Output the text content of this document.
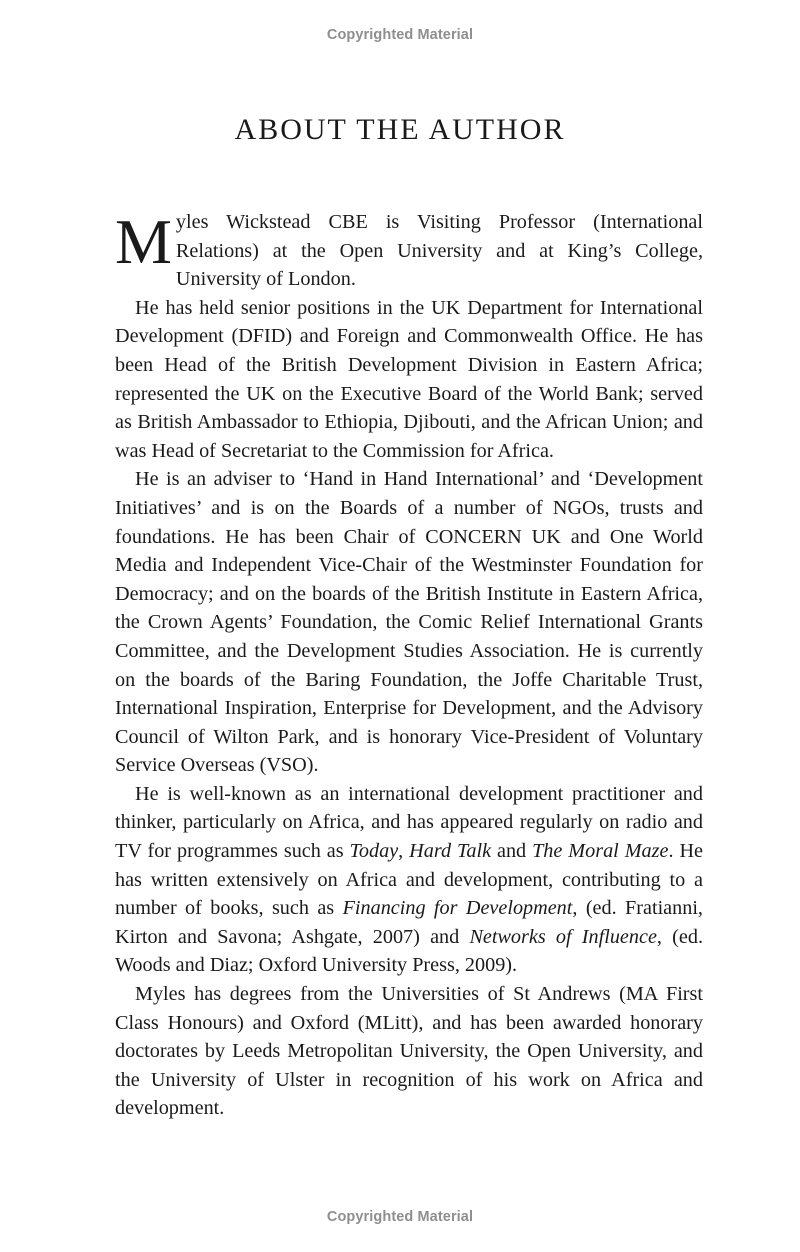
Copyrighted Material
ABOUT THE AUTHOR

Myles Wickstead CBE is Visiting Professor (International Relations) at the Open University and at King’s College, University of London.

He has held senior positions in the UK Department for International Development (DFID) and Foreign and Commonwealth Office. He has been Head of the British Development Division in Eastern Africa; represented the UK on the Executive Board of the World Bank; served as British Ambassador to Ethiopia, Djibouti, and the African Union; and was Head of Secretariat to the Commission for Africa.

He is an adviser to ‘Hand in Hand International’ and ‘Development Initiatives’ and is on the Boards of a number of NGOs, trusts and foundations. He has been Chair of CONCERN UK and One World Media and Independent Vice-Chair of the Westminster Foundation for Democracy; and on the boards of the British Institute in Eastern Africa, the Crown Agents’ Foundation, the Comic Relief International Grants Committee, and the Development Studies Association. He is currently on the boards of the Baring Foundation, the Joffe Charitable Trust, International Inspiration, Enterprise for Development, and the Advisory Council of Wilton Park, and is honorary Vice-President of Voluntary Service Overseas (VSO).

He is well-known as an international development practitioner and thinker, particularly on Africa, and has appeared regularly on radio and TV for programmes such as Today, Hard Talk and The Moral Maze. He has written extensively on Africa and development, contributing to a number of books, such as Financing for Development, (ed. Fratianni, Kirton and Savona; Ashgate, 2007) and Networks of Influence, (ed. Woods and Diaz; Oxford University Press, 2009).

Myles has degrees from the Universities of St Andrews (MA First Class Honours) and Oxford (MLitt), and has been awarded honorary doctorates by Leeds Metropolitan University, the Open University, and the University of Ulster in recognition of his work on Africa and development.

Copyrighted Material
